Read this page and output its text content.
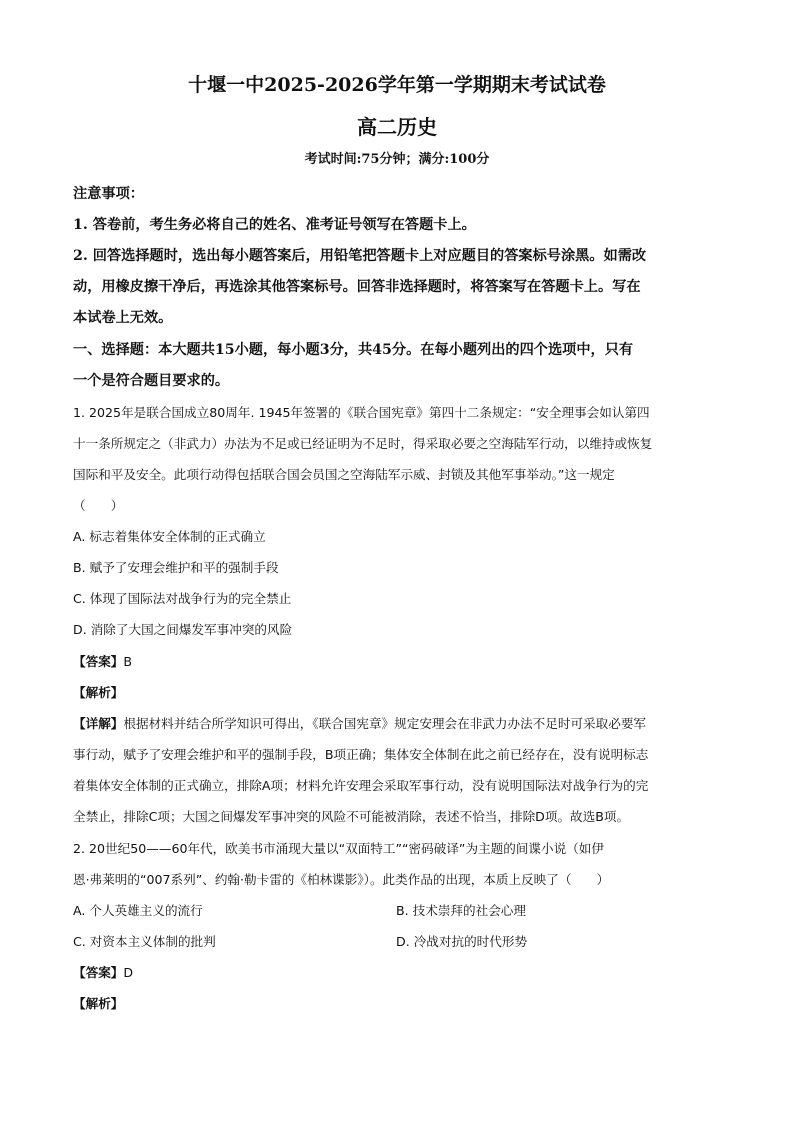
十堰一中2025-2026学年第一学期期末考试试卷
高二历史
考试时间:75分钟；满分:100分
注意事项：
1. 答卷前，考生务必将自己的姓名、准考证号领写在答题卡上。
2. 回答选择题时，选出每小题答案后，用铅笔把答题卡上对应题目的答案标号涂黑。如需改
动，用橡皮擦干净后，再选涂其他答案标号。回答非选择题时，将答案写在答题卡上。写在
本试卷上无效。
一、选择题：本大题共15小题，每小题3分，共45分。在每小题列出的四个选项中，只有
一个是符合题目要求的。
1. 2025年是联合国成立80周年. 1945年签署的《联合国宪章》第四十二条规定：“安全理事会如认第四
十一条所规定之（非武力）办法为不足或已经证明为不足时，得采取必要之空海陆军行动，以维持或恢复
国际和平及安全。此项行动得包括联合国会员国之空海陆军示威、封锁及其他军事举动。”这一规定
（　　）
A. 标志着集体安全体制的正式确立
B. 赋予了安理会维护和平的强制手段
C. 体现了国际法对战争行为的完全禁止
D. 消除了大国之间爆发军事冲突的风险
【答案】B
【解析】
【详解】根据材料并结合所学知识可得出，《联合国宪章》规定安理会在非武力办法不足时可采取必要军
事行动，赋予了安理会维护和平的强制手段，B项正确；集体安全体制在此之前已经存在，没有说明标志
着集体安全体制的正式确立，排除A项；材料允许安理会采取军事行动，没有说明国际法对战争行为的完
全禁止，排除C项；大国之间爆发军事冲突的风险不可能被消除，表述不恰当，排除D项。故选B项。
2. 20世纪50——60年代，欧美书市涌现大量以“双面特工”“密码破译”为主题的间谍小说（如伊
恩·弗莱明的“007系列”、约翰·勒卡雷的《柏林谍影》）。此类作品的出现，本质上反映了（　　）
A. 个人英雄主义的流行	B. 技术崇拜的社会心理
C. 对资本主义体制的批判	D. 冷战对抗的时代形势
【答案】D
【解析】
